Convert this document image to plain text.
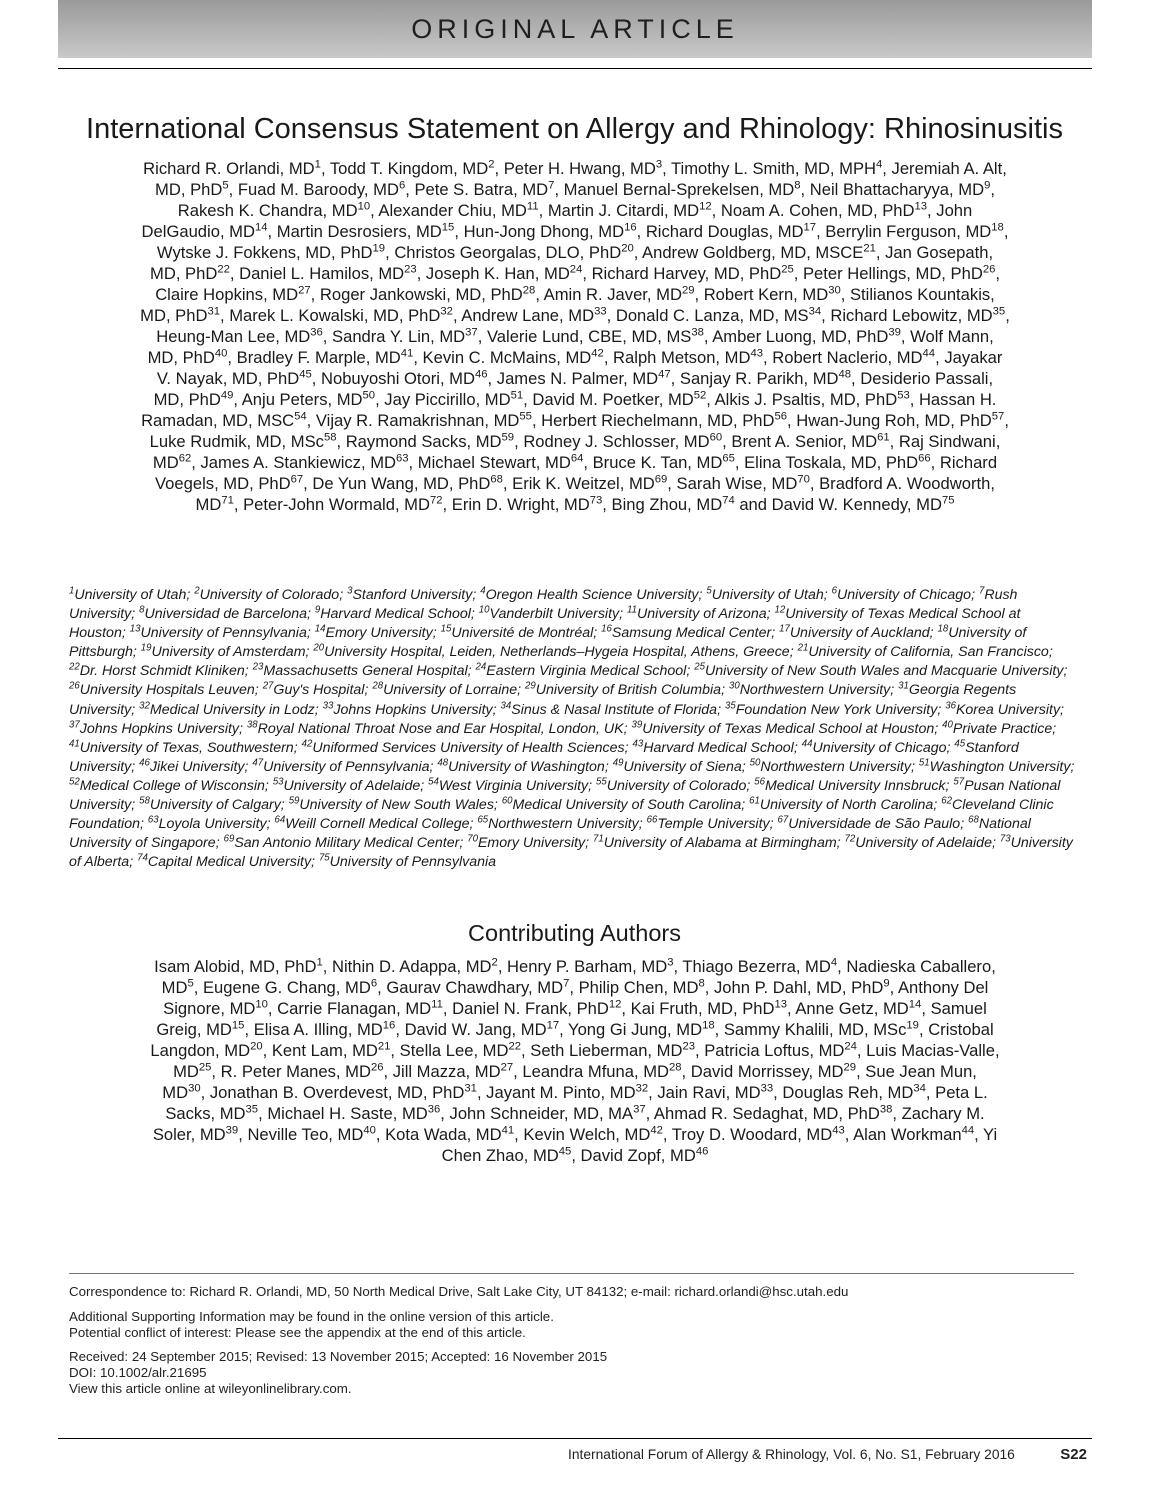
ORIGINAL ARTICLE
International Consensus Statement on Allergy and Rhinology: Rhinosinusitis
Richard R. Orlandi, $MD^1$, Todd T. Kingdom, $MD^2$, Peter H. Hwang, $MD^3$, Timothy L. Smith, MD, MPH$^4$, Jeremiah A. Alt, MD, PhD$^5$, Fuad M. Baroody, $MD^6$, Pete S. Batra, $MD^7$, Manuel Bernal-Sprekelsen, $MD^8$, Neil Bhattacharyya, $MD^9$, Rakesh K. Chandra, MD$^{10}$, Alexander Chiu, MD$^{11}$, Martin J. Citardi, MD$^{12}$, Noam A. Cohen, MD, PhD$^{13}$, John DelGaudio, MD$^{14}$, Martin Desrosiers, MD$^{15}$, Hun-Jong Dhong, MD$^{16}$, Richard Douglas, MD$^{17}$, Berrylin Ferguson, MD$^{18}$, Wytske J. Fokkens, MD, PhD$^{19}$, Christos Georgalas, DLO, PhD$^{20}$, Andrew Goldberg, MD, MSCE$^{21}$, Jan Gosepath, MD, PhD$^{22}$, Daniel L. Hamilos, MD$^{23}$, Joseph K. Han, MD$^{24}$, Richard Harvey, MD, PhD$^{25}$, Peter Hellings, MD, PhD$^{26}$, Claire Hopkins, MD$^{27}$, Roger Jankowski, MD, PhD$^{28}$, Amin R. Javer, MD$^{29}$, Robert Kern, MD$^{30}$, Stilianos Kountakis, MD, PhD$^{31}$, Marek L. Kowalski, MD, PhD$^{32}$, Andrew Lane, MD$^{33}$, Donald C. Lanza, MD, MS$^{34}$, Richard Lebowitz, MD$^{35}$, Heung-Man Lee, MD$^{36}$, Sandra Y. Lin, MD$^{37}$, Valerie Lund, CBE, MD, MS$^{38}$, Amber Luong, MD, PhD$^{39}$, Wolf Mann, MD, PhD$^{40}$, Bradley F. Marple, MD$^{41}$, Kevin C. McMains, MD$^{42}$, Ralph Metson, MD$^{43}$, Robert Naclerio, MD$^{44}$, Jayakar V. Nayak, MD, PhD$^{45}$, Nobuyoshi Otori, MD$^{46}$, James N. Palmer, MD$^{47}$, Sanjay R. Parikh, MD$^{48}$, Desiderio Passali, MD, PhD$^{49}$, Anju Peters, MD$^{50}$, Jay Piccirillo, MD$^{51}$, David M. Poetker, MD$^{52}$, Alkis J. Psaltis, MD, PhD$^{53}$, Hassan H. Ramadan, MD, MSC$^{54}$, Vijay R. Ramakrishnan, MD$^{55}$, Herbert Riechelmann, MD, PhD$^{56}$, Hwan-Jung Roh, MD, PhD$^{57}$, Luke Rudmik, MD, MSc$^{58}$, Raymond Sacks, MD$^{59}$, Rodney J. Schlosser, MD$^{60}$, Brent A. Senior, MD$^{61}$, Raj Sindwani, MD$^{62}$, James A. Stankiewicz, MD$^{63}$, Michael Stewart, MD$^{64}$, Bruce K. Tan, MD$^{65}$, Elina Toskala, MD, PhD$^{66}$, Richard Voegels, MD, PhD$^{67}$, De Yun Wang, MD, PhD$^{68}$, Erik K. Weitzel, MD$^{69}$, Sarah Wise, MD$^{70}$, Bradford A. Woodworth, MD$^{71}$, Peter-John Wormald, MD$^{72}$, Erin D. Wright, MD$^{73}$, Bing Zhou, MD$^{74}$ and David W. Kennedy, MD$^{75}$
$^1$University of Utah; $^2$University of Colorado; $^3$Stanford University; $^4$Oregon Health Science University; $^5$University of Utah; $^6$University of Chicago; $^7$Rush University; $^8$Universidad de Barcelona; $^9$Harvard Medical School; $^{10}$Vanderbilt University; $^{11}$University of Arizona; $^{12}$University of Texas Medical School at Houston; $^{13}$University of Pennsylvania; $^{14}$Emory University; $^{15}$Université de Montréal; $^{16}$Samsung Medical Center; $^{17}$University of Auckland; $^{18}$University of Pittsburgh; $^{19}$University of Amsterdam; $^{20}$University Hospital, Leiden, Netherlands–Hygeia Hospital, Athens, Greece; $^{21}$University of California, San Francisco; $^{22}$Dr. Horst Schmidt Kliniken; $^{23}$Massachusetts General Hospital; $^{24}$Eastern Virginia Medical School; $^{25}$University of New South Wales and Macquarie University; $^{26}$University Hospitals Leuven; $^{27}$Guy's Hospital; $^{28}$University of Lorraine; $^{29}$University of British Columbia; $^{30}$Northwestern University; $^{31}$Georgia Regents University; $^{32}$Medical University in Lodz; $^{33}$Johns Hopkins University; $^{34}$Sinus & Nasal Institute of Florida; $^{35}$Foundation New York University; $^{36}$Korea University; $^{37}$Johns Hopkins University; $^{38}$Royal National Throat Nose and Ear Hospital, London, UK; $^{39}$University of Texas Medical School at Houston; $^{40}$Private Practice; $^{41}$University of Texas, Southwestern; $^{42}$Uniformed Services University of Health Sciences; $^{43}$Harvard Medical School; $^{44}$University of Chicago; $^{45}$Stanford University; $^{46}$Jikei University; $^{47}$University of Pennsylvania; $^{48}$University of Washington; $^{49}$University of Siena; $^{50}$Northwestern University; $^{51}$Washington University; $^{52}$Medical College of Wisconsin; $^{53}$University of Adelaide; $^{54}$West Virginia University; $^{55}$University of Colorado; $^{56}$Medical University Innsbruck; $^{57}$Pusan National University; $^{58}$University of Calgary; $^{59}$University of New South Wales; $^{60}$Medical University of South Carolina; $^{61}$University of North Carolina; $^{62}$Cleveland Clinic Foundation; $^{63}$Loyola University; $^{64}$Weill Cornell Medical College; $^{65}$Northwestern University; $^{66}$Temple University; $^{67}$Universidade de São Paulo; $^{68}$National University of Singapore; $^{69}$San Antonio Military Medical Center; $^{70}$Emory University; $^{71}$University of Alabama at Birmingham; $^{72}$University of Adelaide; $^{73}$University of Alberta; $^{74}$Capital Medical University; $^{75}$University of Pennsylvania
Contributing Authors
Isam Alobid, MD, PhD$^1$, Nithin D. Adappa, $MD^2$, Henry P. Barham, $MD^3$, Thiago Bezerra, $MD^4$, Nadieska Caballero, $MD^5$, Eugene G. Chang, $MD^6$, Gaurav Chawdhary, $MD^7$, Philip Chen, $MD^8$, John P. Dahl, MD, PhD$^9$, Anthony Del Signore, MD$^{10}$, Carrie Flanagan, MD$^{11}$, Daniel N. Frank, PhD$^{12}$, Kai Fruth, MD, PhD$^{13}$, Anne Getz, MD$^{14}$, Samuel Greig, MD$^{15}$, Elisa A. Illing, MD$^{16}$, David W. Jang, MD$^{17}$, Yong Gi Jung, MD$^{18}$, Sammy Khalili, MD, MSc$^{19}$, Cristobal Langdon, MD$^{20}$, Kent Lam, MD$^{21}$, Stella Lee, MD$^{22}$, Seth Lieberman, MD$^{23}$, Patricia Loftus, MD$^{24}$, Luis Macias-Valle, MD$^{25}$, R. Peter Manes, MD$^{26}$, Jill Mazza, MD$^{27}$, Leandra Mfuna, MD$^{28}$, David Morrissey, MD$^{29}$, Sue Jean Mun, MD$^{30}$, Jonathan B. Overdevest, MD, PhD$^{31}$, Jayant M. Pinto, MD$^{32}$, Jain Ravi, MD$^{33}$, Douglas Reh, MD$^{34}$, Peta L. Sacks, MD$^{35}$, Michael H. Saste, MD$^{36}$, John Schneider, MD, MA$^{37}$, Ahmad R. Sedaghat, MD, PhD$^{38}$, Zachary M. Soler, MD$^{39}$, Neville Teo, MD$^{40}$, Kota Wada, MD$^{41}$, Kevin Welch, MD$^{42}$, Troy D. Woodard, MD$^{43}$, Alan Workman$^{44}$, Yi Chen Zhao, MD$^{45}$, David Zopf, MD$^{46}$
Correspondence to: Richard R. Orlandi, MD, 50 North Medical Drive, Salt Lake City, UT 84132; e-mail: richard.orlandi@hsc.utah.edu
Additional Supporting Information may be found in the online version of this article.
Potential conflict of interest: Please see the appendix at the end of this article.
Received: 24 September 2015; Revised: 13 November 2015; Accepted: 16 November 2015
DOI: 10.1002/alr.21695
View this article online at wileyonlinelibrary.com.
International Forum of Allergy & Rhinology, Vol. 6, No. S1, February 2016	S22
